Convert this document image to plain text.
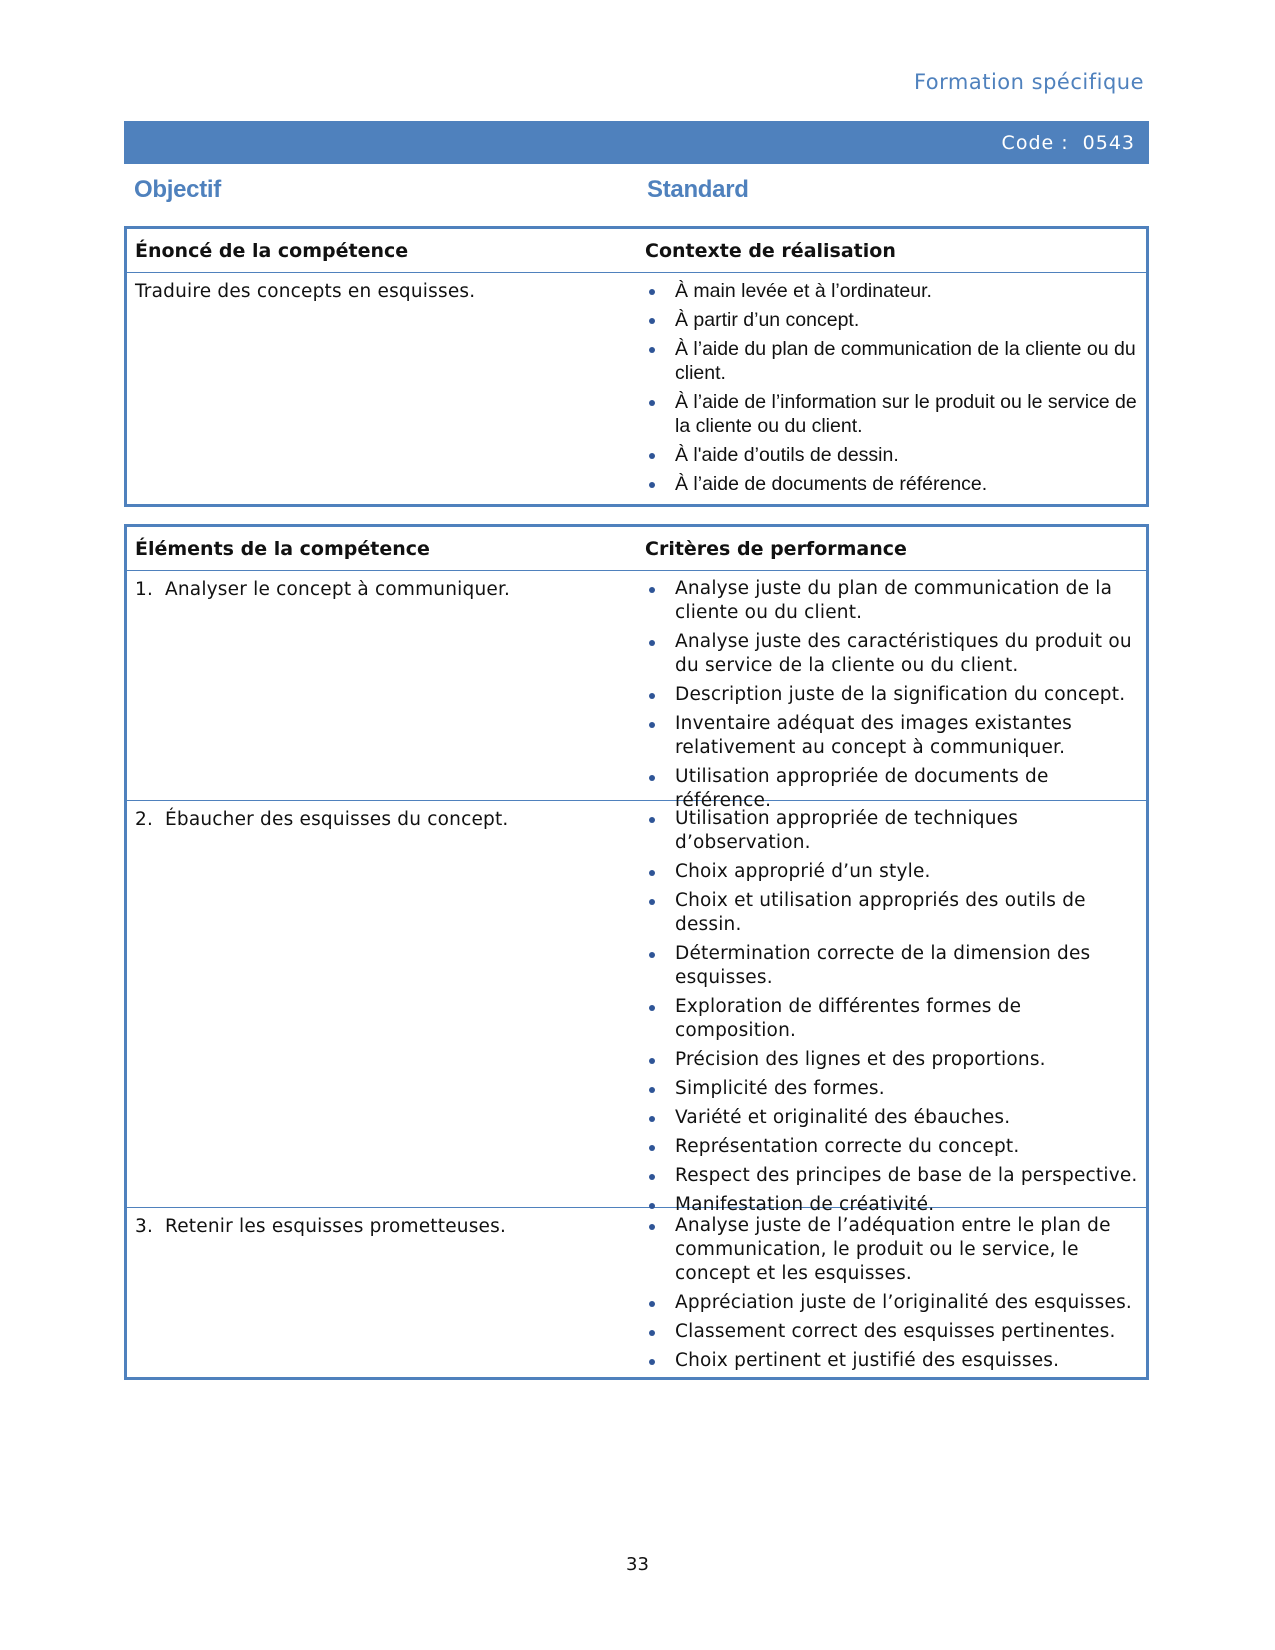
Formation spécifique
Code : 0543
Objectif	Standard
Énoncé de la compétence	Contexte de réalisation
Traduire des concepts en esquisses.	À main levée et à l’ordinateur.
À partir d’un concept.
À l’aide du plan de communication de la cliente ou du client.
À l’aide de l’information sur le produit ou le service de la cliente ou du client.
À l'aide d’outils de dessin.
À l’aide de documents de référence.
Éléments de la compétence	Critères de performance
1. Analyser le concept à communiquer.	Analyse juste du plan de communication de la cliente ou du client.
Analyse juste des caractéristiques du produit ou du service de la cliente ou du client.
Description juste de la signification du concept.
Inventaire adéquat des images existantes relativement au concept à communiquer.
Utilisation appropriée de documents de référence.
2. Ébaucher des esquisses du concept.	Utilisation appropriée de techniques d’observation.
Choix approprié d’un style.
Choix et utilisation appropriés des outils de dessin.
Détermination correcte de la dimension des esquisses.
Exploration de différentes formes de composition.
Précision des lignes et des proportions.
Simplicité des formes.
Variété et originalité des ébauches.
Représentation correcte du concept.
Respect des principes de base de la perspective.
Manifestation de créativité.
3. Retenir les esquisses prometteuses.	Analyse juste de l’adéquation entre le plan de communication, le produit ou le service, le concept et les esquisses.
Appréciation juste de l’originalité des esquisses.
Classement correct des esquisses pertinentes.
Choix pertinent et justifié des esquisses.
33
